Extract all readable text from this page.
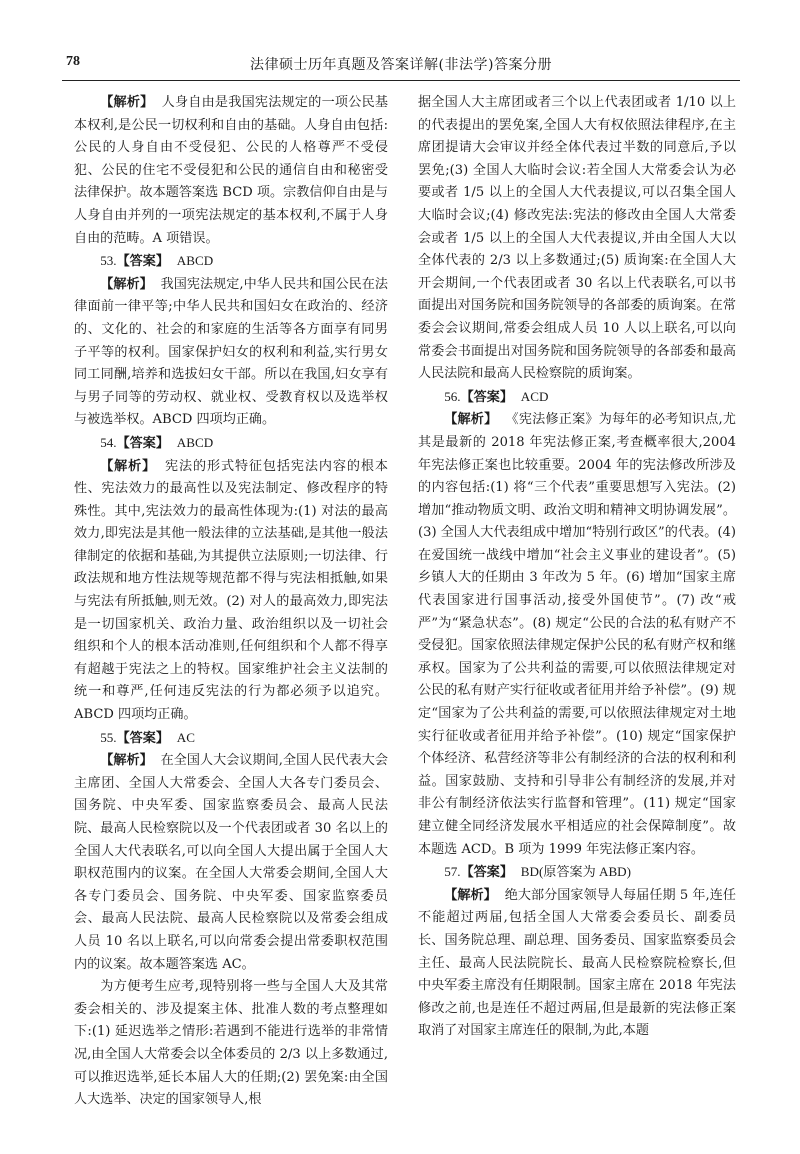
78	法律硕士历年真题及答案详解(非法学)答案分册

【解析】 人身自由是我国宪法规定的一项公民基本权利,是公民一切权利和自由的基础。人身自由包括:公民的人身自由不受侵犯、公民的人格尊严不受侵犯、公民的住宅不受侵犯和公民的通信自由和秘密受法律保护。故本题答案选 BCD 项。宗教信仰自由是与人身自由并列的一项宪法规定的基本权利,不属于人身自由的范畴。A 项错误。

53.【答案】 ABCD

【解析】 我国宪法规定,中华人民共和国公民在法律面前一律平等;中华人民共和国妇女在政治的、经济的、文化的、社会的和家庭的生活等各方面享有同男子平等的权利。国家保护妇女的权利和利益,实行男女同工同酬,培养和选拔妇女干部。所以在我国,妇女享有与男子同等的劳动权、就业权、受教育权以及选举权与被选举权。ABCD 四项均正确。

54.【答案】 ABCD

【解析】 宪法的形式特征包括宪法内容的根本性、宪法效力的最高性以及宪法制定、修改程序的特殊性。其中,宪法效力的最高性体现为:(1) 对法的最高效力,即宪法是其他一般法律的立法基础,是其他一般法律制定的依据和基础,为其提供立法原则;一切法律、行政法规和地方性法规等规范都不得与宪法相抵触,如果与宪法有所抵触,则无效。(2) 对人的最高效力,即宪法是一切国家机关、政治力量、政治组织以及一切社会组织和个人的根本活动准则,任何组织和个人都不得享有超越于宪法之上的特权。国家维护社会主义法制的统一和尊严,任何违反宪法的行为都必须予以追究。ABCD 四项均正确。

55.【答案】 AC

【解析】 在全国人大会议期间,全国人民代表大会主席团、全国人大常委会、全国人大各专门委员会、国务院、中央军委、国家监察委员会、最高人民法院、最高人民检察院以及一个代表团或者 30 名以上的全国人大代表联名,可以向全国人大提出属于全国人大职权范围内的议案。在全国人大常委会期间,全国人大各专门委员会、国务院、中央军委、国家监察委员会、最高人民法院、最高人民检察院以及常委会组成人员 10 名以上联名,可以向常委会提出常委职权范围内的议案。故本题答案选 AC。

为方便考生应考,现特别将一些与全国人大及其常委会相关的、涉及提案主体、批准人数的考点整理如下:(1) 延迟选举之情形:若遇到不能进行选举的非常情况,由全国人大常委会以全体委员的 2/3 以上多数通过,可以推迟选举,延长本届人大的任期;(2) 罢免案:由全国人大选举、决定的国家领导人,根

据全国人大主席团或者三个以上代表团或者 1/10 以上的代表提出的罢免案,全国人大有权依照法律程序,在主席团提请大会审议并经全体代表过半数的同意后,予以罢免;(3) 全国人大临时会议:若全国人大常委会认为必要或者 1/5 以上的全国人大代表提议,可以召集全国人大临时会议;(4) 修改宪法:宪法的修改由全国人大常委会或者 1/5 以上的全国人大代表提议,并由全国人大以全体代表的 2/3 以上多数通过;(5) 质询案:在全国人大开会期间,一个代表团或者 30 名以上代表联名,可以书面提出对国务院和国务院领导的各部委的质询案。在常委会会议期间,常委会组成人员 10 人以上联名,可以向常委会书面提出对国务院和国务院领导的各部委和最高人民法院和最高人民检察院的质询案。

56.【答案】 ACD

【解析】 《宪法修正案》为每年的必考知识点,尤其是最新的 2018 年宪法修正案,考查概率很大,2004 年宪法修正案也比较重要。2004 年的宪法修改所涉及的内容包括:(1) 将“三个代表”重要思想写入宪法。(2) 增加“推动物质文明、政治文明和精神文明协调发展”。(3) 全国人大代表组成中增加“特别行政区”的代表。(4) 在爱国统一战线中增加“社会主义事业的建设者”。(5) 乡镇人大的任期由 3 年改为 5 年。(6) 增加“国家主席代表国家进行国事活动,接受外国使节”。(7) 改“戒严”为“紧急状态”。(8) 规定“公民的合法的私有财产不受侵犯。国家依照法律规定保护公民的私有财产权和继承权。国家为了公共利益的需要,可以依照法律规定对公民的私有财产实行征收或者征用并给予补偿”。(9) 规定“国家为了公共利益的需要,可以依照法律规定对土地实行征收或者征用并给予补偿”。(10) 规定“国家保护个体经济、私营经济等非公有制经济的合法的权利和利益。国家鼓励、支持和引导非公有制经济的发展,并对非公有制经济依法实行监督和管理”。(11) 规定“国家建立健全同经济发展水平相适应的社会保障制度”。故本题选 ACD。B 项为 1999 年宪法修正案内容。

57.【答案】 BD(原答案为 ABD)

【解析】 绝大部分国家领导人每届任期 5 年,连任不能超过两届,包括全国人大常委会委员长、副委员长、国务院总理、副总理、国务委员、国家监察委员会主任、最高人民法院院长、最高人民检察院检察长,但中央军委主席没有任期限制。国家主席在 2018 年宪法修改之前,也是连任不超过两届,但是最新的宪法修正案取消了对国家主席连任的限制,为此,本题
